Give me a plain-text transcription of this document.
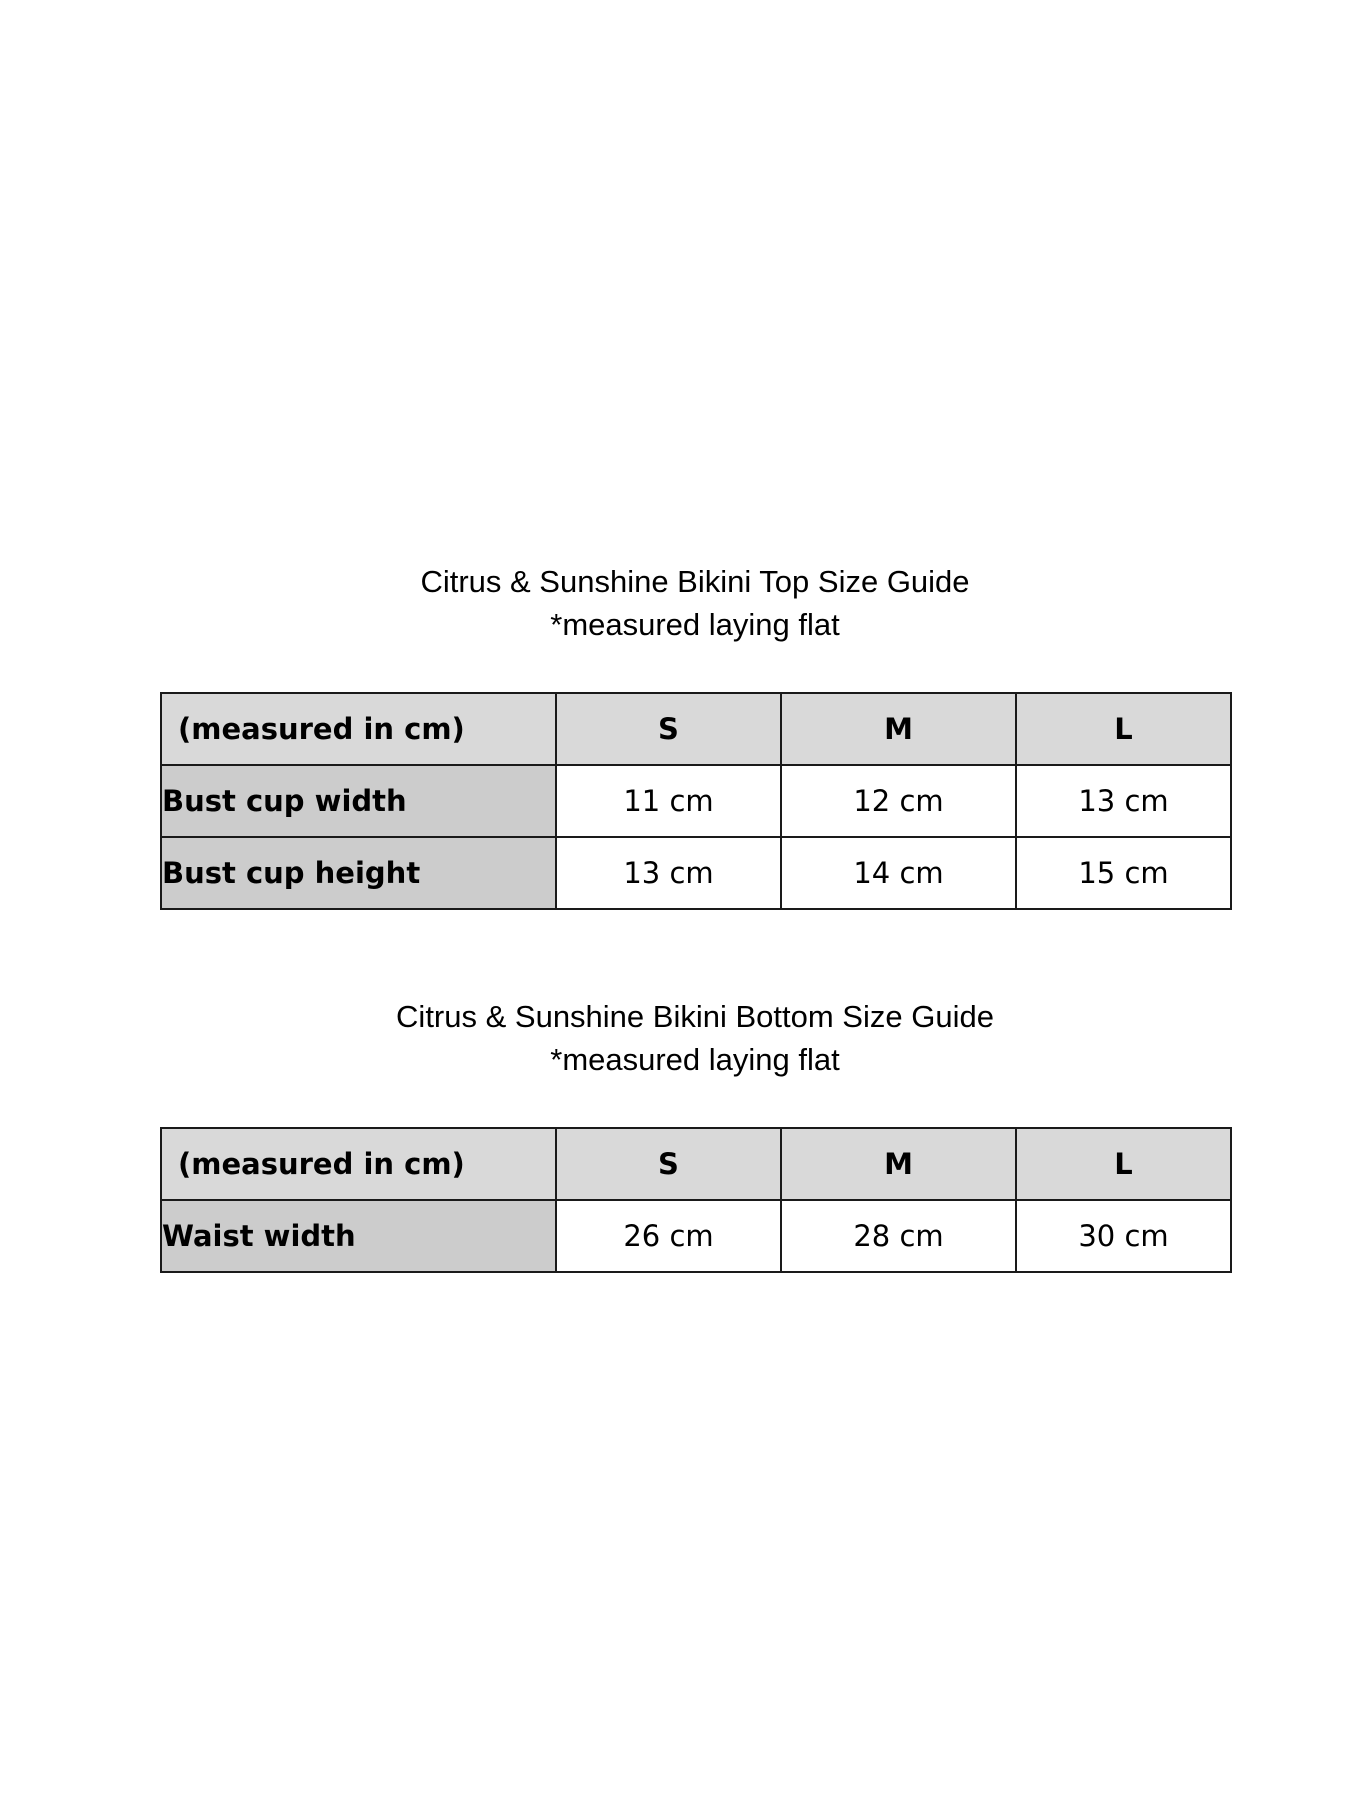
Citrus & Sunshine Bikini Top Size Guide
*measured laying flat
(measured in cm)	S	M	L
Bust cup width	11 cm	12 cm	13 cm
Bust cup height	13 cm	14 cm	15 cm
Citrus & Sunshine Bikini Bottom Size Guide
*measured laying flat
(measured in cm)	S	M	L
Waist width	26 cm	28 cm	30 cm
